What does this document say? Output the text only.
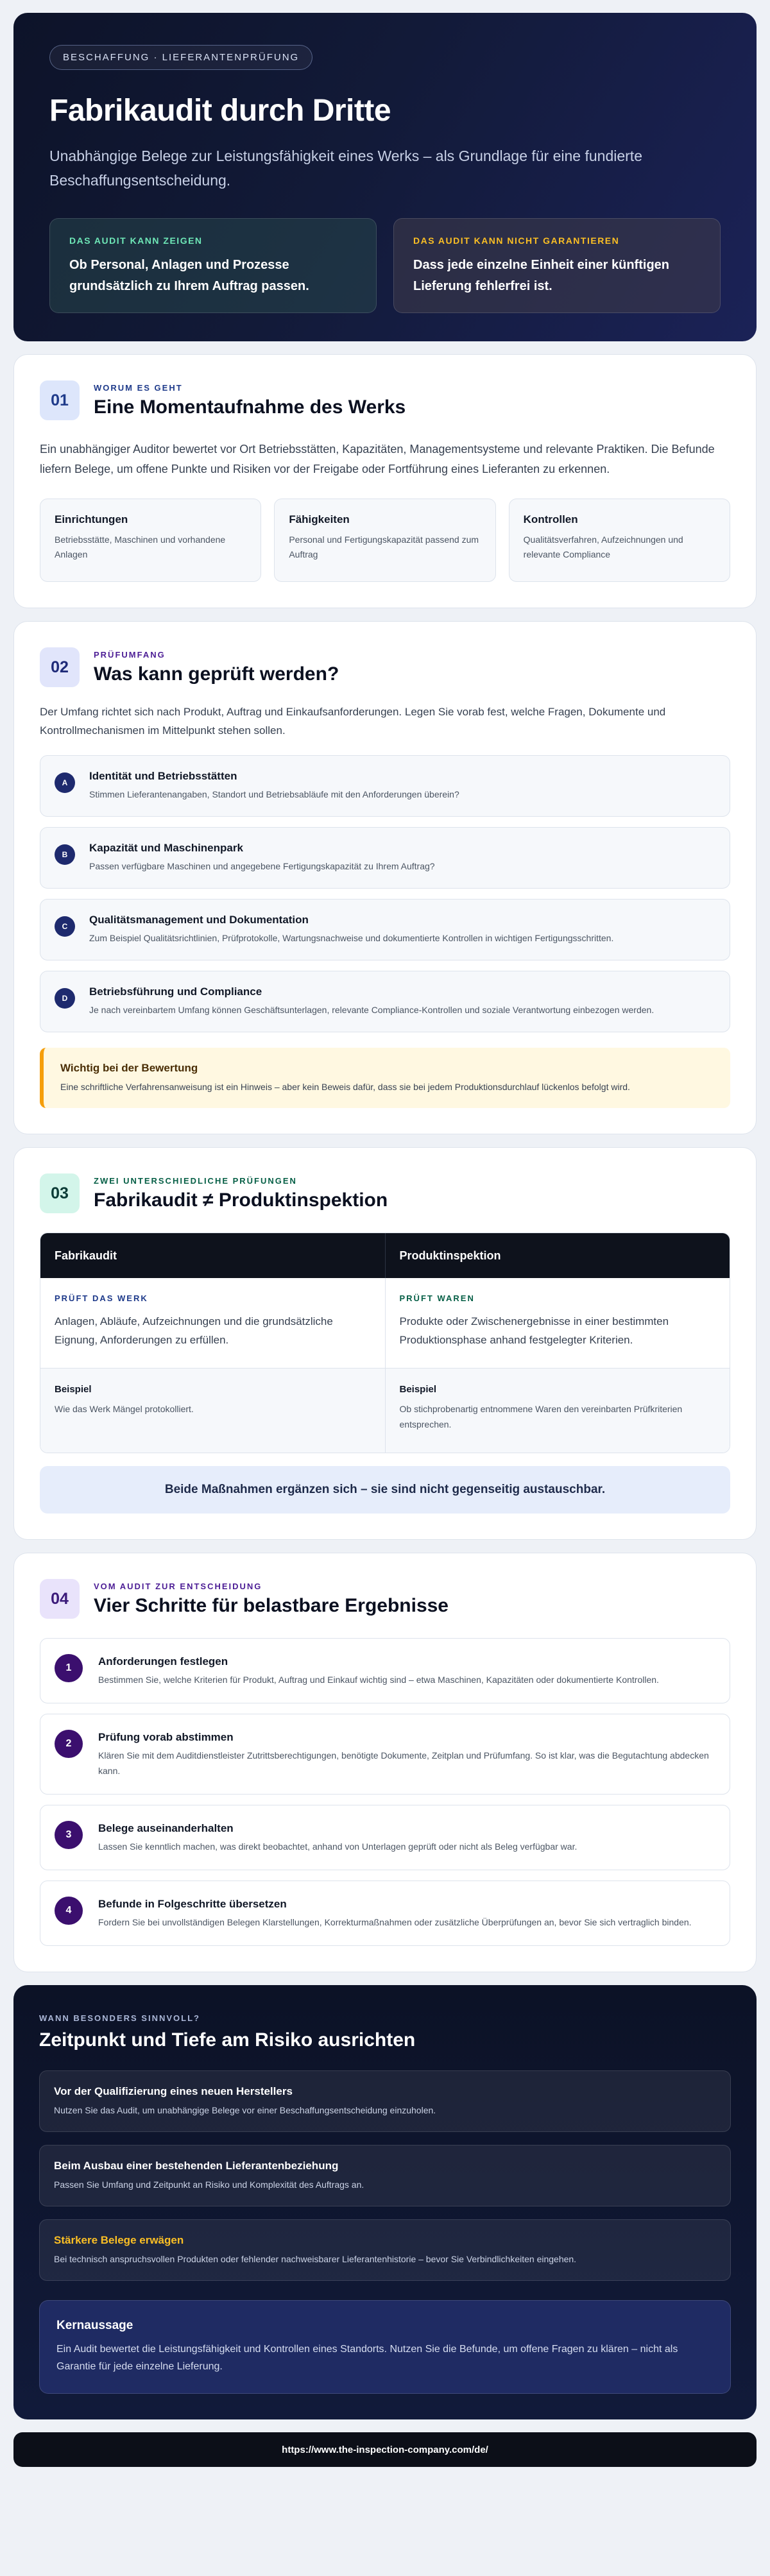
BESCHAFFUNG · LIEFERANTENPRÜFUNG
Fabrikaudit durch Dritte

Unabhängige Belege zur Leistungsfähigkeit eines Werks – als Grundlage für eine fundierte Beschaffungsentscheidung.

DAS AUDIT KANN ZEIGEN
Ob Personal, Anlagen und Prozesse grundsätzlich zu Ihrem Auftrag passen.
DAS AUDIT KANN NICHT GARANTIEREN
Dass jede einzelne Einheit einer künftigen Lieferung fehlerfrei ist.
01
WORUM ES GEHT
Eine Momentaufnahme des Werks

Ein unabhängiger Auditor bewertet vor Ort Betriebsstätten, Kapazitäten, Managementsysteme und relevante Praktiken. Die Befunde liefern Belege, um offene Punkte und Risiken vor der Freigabe oder Fortführung eines Lieferanten zu erkennen.

Einrichtungen
Betriebsstätte, Maschinen und vorhandene Anlagen
Fähigkeiten
Personal und Fertigungskapazität passend zum Auftrag
Kontrollen
Qualitätsverfahren, Aufzeichnungen und relevante Compliance
02
PRÜFUMFANG
Was kann geprüft werden?

Der Umfang richtet sich nach Produkt, Auftrag und Einkaufsanforderungen. Legen Sie vorab fest, welche Fragen, Dokumente und Kontrollmechanismen im Mittelpunkt stehen sollen.

A
Identität und Betriebsstätten
Stimmen Lieferantenangaben, Standort und Betriebsabläufe mit den Anforderungen überein?
B
Kapazität und Maschinenpark
Passen verfügbare Maschinen und angegebene Fertigungskapazität zu Ihrem Auftrag?
C
Qualitätsmanagement und Dokumentation
Zum Beispiel Qualitätsrichtlinien, Prüfprotokolle, Wartungsnachweise und dokumentierte Kontrollen in wichtigen Fertigungsschritten.
D
Betriebsführung und Compliance
Je nach vereinbartem Umfang können Geschäftsunterlagen, relevante Compliance-Kontrollen und soziale Verantwortung einbezogen werden.
Wichtig bei der Bewertung
Eine schriftliche Verfahrensanweisung ist ein Hinweis – aber kein Beweis dafür, dass sie bei jedem Produktionsdurchlauf lückenlos befolgt wird.
03
ZWEI UNTERSCHIEDLICHE PRÜFUNGEN
Fabrikaudit ≠ Produktinspektion
Fabrikaudit	Produktinspektion
PRÜFT DAS WERK
Anlagen, Abläufe, Aufzeichnungen und die grundsätzliche Eignung, Anforderungen zu erfüllen.
PRÜFT WAREN
Produkte oder Zwischenergebnisse in einer bestimmten Produktionsphase anhand festgelegter Kriterien.
Beispiel
Wie das Werk Mängel protokolliert.
Beispiel
Ob stichprobenartig entnommene Waren den vereinbarten Prüfkriterien entsprechen.
Beide Maßnahmen ergänzen sich – sie sind nicht gegenseitig austauschbar.
04
VOM AUDIT ZUR ENTSCHEIDUNG
Vier Schritte für belastbare Ergebnisse
1
Anforderungen festlegen
Bestimmen Sie, welche Kriterien für Produkt, Auftrag und Einkauf wichtig sind – etwa Maschinen, Kapazitäten oder dokumentierte Kontrollen.
2
Prüfung vorab abstimmen
Klären Sie mit dem Auditdienstleister Zutrittsberechtigungen, benötigte Dokumente, Zeitplan und Prüfumfang. So ist klar, was die Begutachtung abdecken kann.
3
Belege auseinanderhalten
Lassen Sie kenntlich machen, was direkt beobachtet, anhand von Unterlagen geprüft oder nicht als Beleg verfügbar war.
4
Befunde in Folgeschritte übersetzen
Fordern Sie bei unvollständigen Belegen Klarstellungen, Korrekturmaßnahmen oder zusätzliche Überprüfungen an, bevor Sie sich vertraglich binden.
WANN BESONDERS SINNVOLL?
Zeitpunkt und Tiefe am Risiko ausrichten
Vor der Qualifizierung eines neuen Herstellers
Nutzen Sie das Audit, um unabhängige Belege vor einer Beschaffungsentscheidung einzuholen.
Beim Ausbau einer bestehenden Lieferantenbeziehung
Passen Sie Umfang und Zeitpunkt an Risiko und Komplexität des Auftrags an.
Stärkere Belege erwägen
Bei technisch anspruchsvollen Produkten oder fehlender nachweisbarer Lieferantenhistorie – bevor Sie Verbindlichkeiten eingehen.
Kernaussage
Ein Audit bewertet die Leistungsfähigkeit und Kontrollen eines Standorts. Nutzen Sie die Befunde, um offene Fragen zu klären – nicht als Garantie für jede einzelne Lieferung.
https://www.the-inspection-company.com/de/
